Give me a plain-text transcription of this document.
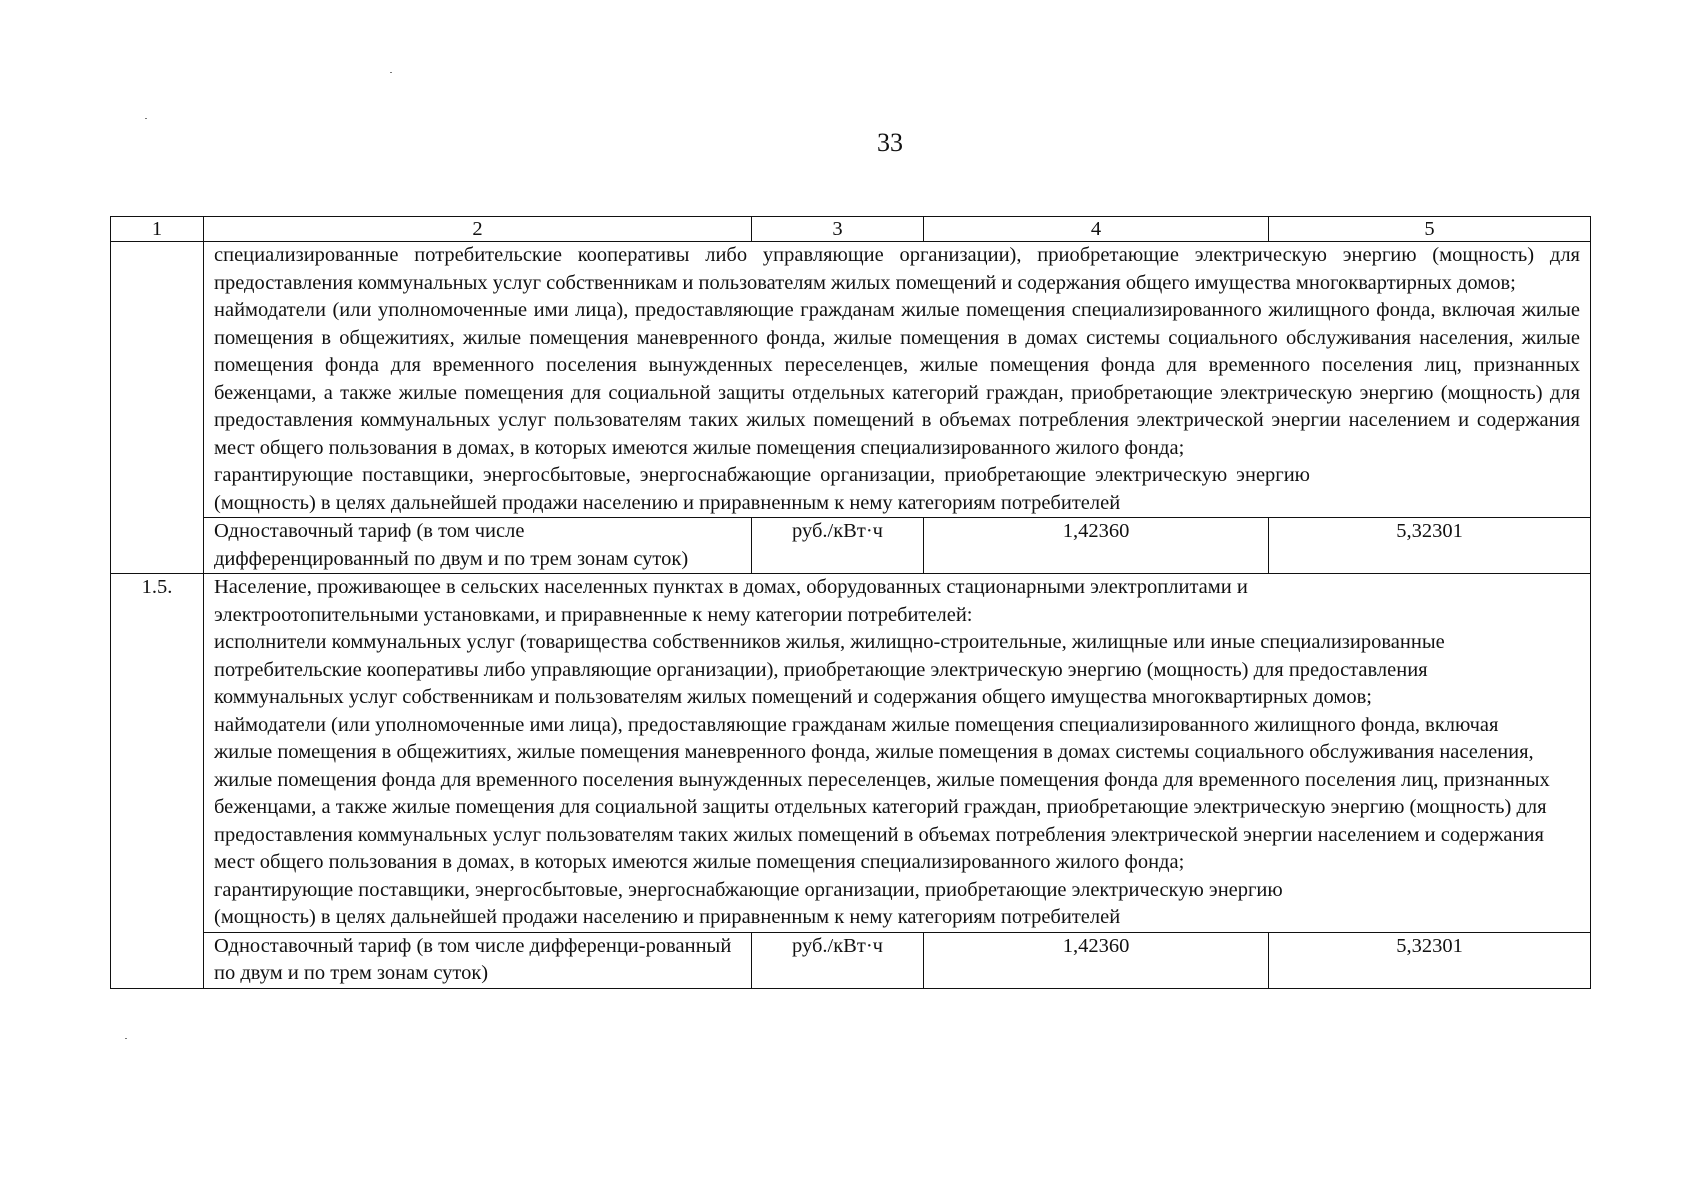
33
1	2	3	4	5

	специализированные потребительские кооперативы либо управляющие организации), приобретающие электрическую энергию (мощность) для предоставления коммунальных услуг собственникам и пользователям жилых помещений и содержания общего имущества многоквартирных домов;

наймодатели (или уполномоченные ими лица), предоставляющие гражданам жилые помещения специализированного жилищного фонда, включая жилые помещения в общежитиях, жилые помещения маневренного фонда, жилые помещения в домах системы социального обслуживания населения, жилые помещения фонда для временного поселения вынужденных переселенцев, жилые помещения фонда для временного поселения лиц, признанных беженцами, а также жилые помещения для социальной защиты отдельных категорий граждан, приобретающие электрическую энергию (мощность) для предоставления коммунальных услуг пользователям таких жилых помещений в объемах потребления электрической энергии населением и содержания мест общего пользования в домах, в которых имеются жилые помещения специализированного жилого фонда;

гарантирующие поставщики, энергосбытовые, энергоснабжающие организации, приобретающие электрическую энергию (мощность) в целях дальнейшей продажи населению и приравненным к нему категориям потребителей			

	Одноставочный тариф (в том числе дифференцированный по двум и по трем зонам суток)	руб./кВт·ч	1,42360	5,32301
1.5.	Население, проживающее в сельских населенных пунктах в домах, оборудованных стационарными электроплитами и электроотопительными установками, и приравненные к нему категории потребителей:

исполнители коммунальных услуг (товарищества собственников жилья, жилищно-строительные, жилищные или иные специализированные потребительские кооперативы либо управляющие организации), приобретающие электрическую энергию (мощность) для предоставления коммунальных услуг собственникам и пользователям жилых помещений и содержания общего имущества многоквартирных домов;

наймодатели (или уполномоченные ими лица), предоставляющие гражданам жилые помещения специализированного жилищного фонда, включая жилые помещения в общежитиях, жилые помещения маневренного фонда, жилые помещения в домах системы социального обслуживания населения, жилые помещения фонда для временного поселения вынужденных переселенцев, жилые помещения фонда для временного поселения лиц, признанных беженцами, а также жилые помещения для социальной защиты отдельных категорий граждан, приобретающие электрическую энергию (мощность) для предоставления коммунальных услуг пользователям таких жилых помещений в объемах потребления электрической энергии населением и содержания мест общего пользования в домах, в которых имеются жилые помещения специализированного жилого фонда;

гарантирующие поставщики, энергосбытовые, энергоснабжающие организации, приобретающие электрическую энергию (мощность) в целях дальнейшей продажи населению и приравненным к нему категориям потребителей			

	Одноставочный тариф (в том числе дифференци-рованный по двум и по трем зонам суток)	руб./кВт·ч	1,42360	5,32301
